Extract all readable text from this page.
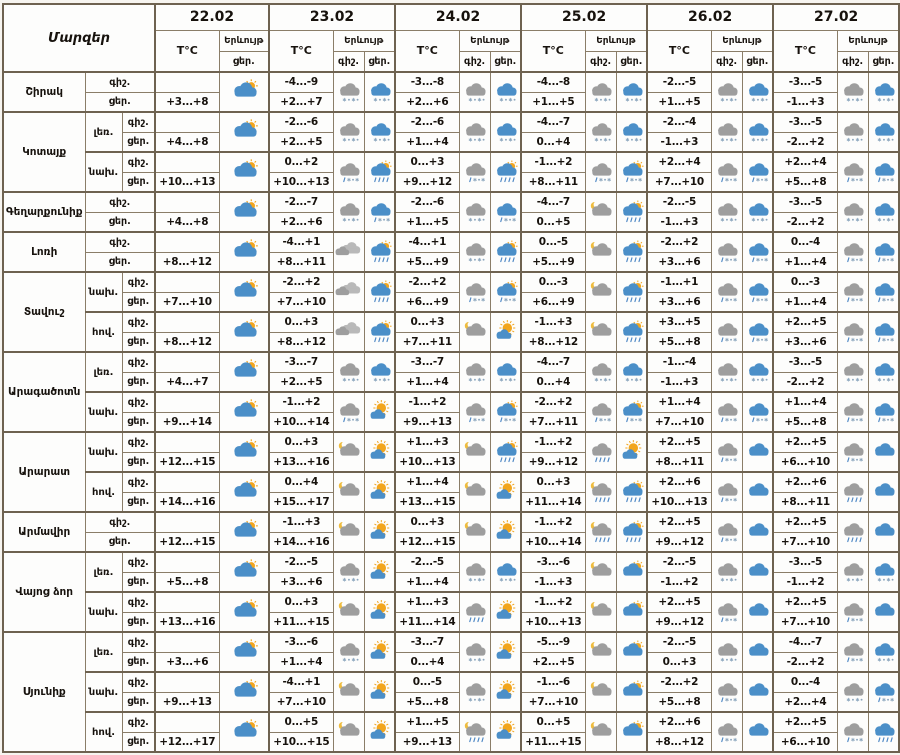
Մարզեր			22.02		23.02			24.02			25.02			26.02			27.02		
			T°C	Երևույթ	T°C	Երևույթ		T°C	Երևույթ		T°C	Երևույթ		T°C	Երևույթ		T°C	Երևույթ	
				ցեր.		գիշ.	ցեր.		գիշ.	ցեր.		գիշ.	ցեր.		գիշ.	ցեր.		գիշ.	ցեր.
Շիրակ	գիշ.				-4...-9			-3...-8			-4...-8			-2...-5			-3...-5	

	ցեր.		+3...+8		+2...+7			+2...+6			+1...+5			+1...+5			-1...+3		
Կոտայք	լեռ.	գիշ.			-2...-6			-2...-6			-4...-7			-2...-4			-3...-5	

		ցեր.	+4...+8		+2...+5			+1...+4			0...+4			-1...+3			-2...+2		
	նախ.	գիշ.			0...+2			0...+3			-1...+2			+2...+4			+2...+4	

		ցեր.	+10...+13		+10...+13			+9...+12			+8...+11			+7...+10			+5...+8		
Գեղարքունիք	գիշ.				-2...-7			-2...-6			-4...-7			-2...-5			-3...-5	

	ցեր.		+4...+8		+2...+6			+1...+5			0...+5			-1...+3			-2...+2		
Լոռի	գիշ.				-4...+1			-4...+1			0...-5			-2...+2			0...-4	

	ցեր.		+8...+12		+8...+11			+5...+9			+5...+9			+3...+6			+1...+4		
Տավուշ	նախ.	գիշ.			-2...+2			-2...+2			0...-3			-1...+1			0...-3	

		ցեր.	+7...+10		+7...+10			+6...+9			+6...+9			+3...+6			+1...+4		
	հով.	գիշ.			0...+3			0...+3			-1...+3			+3...+5			+2...+5	

		ցեր.	+8...+12		+8...+12			+7...+11			+8...+12			+5...+8			+3...+6		
Արագածոտն	լեռ.	գիշ.			-3...-7			-3...-7			-4...-7			-1...-4			-3...-5	

		ցեր.	+4...+7		+2...+5			+1...+4			0...+4			-1...+3			-2...+2		
	նախ.	գիշ.			-1...+2			-1...+2			-2...+2			+1...+4			+1...+4	

		ցեր.	+9...+14		+10...+14			+9...+13			+7...+11			+7...+10			+5...+8		
Արարատ	նախ.	գիշ.			0...+3			+1...+3			-1...+2			+2...+5			+2...+5	

		ցեր.	+12...+15		+13...+16			+10...+13			+9...+12			+8...+11			+6...+10		
	հով.	գիշ.			0...+4			+1...+4			0...+3			+2...+6			+2...+6	

		ցեր.	+14...+16		+15...+17			+13...+15			+11...+14			+10...+13			+8...+11		
Արմավիր	գիշ.				-1...+3			0...+3			-1...+2			+2...+5			+2...+5	

	ցեր.		+12...+15		+14...+16			+12...+15			+10...+14			+9...+12			+7...+10		
Վայոց ձոր	լեռ.	գիշ.			-2...-5			-2...-5			-3...-6			-2...-5			-3...-5	

		ցեր.	+5...+8		+3...+6			+1...+4			-1...+3			-1...+2			-1...+2		
	նախ.	գիշ.			0...+3			+1...+3			-1...+2			+2...+5			+2...+5	

		ցեր.	+13...+16		+11...+15			+11...+14			+10...+13			+9...+12			+7...+10		
Սյունիք	լեռ.	գիշ.			-3...-6			-3...-7			-5...-9			-2...-5			-4...-7	

		ցեր.	+3...+6		+1...+4			0...+4			+2...+5			0...+3			-2...+2		
	նախ.	գիշ.			-4...+1			0...-5			-1...-6			-2...+2			0...-4	

		ցեր.	+9...+13		+7...+10			+5...+8			+7...+10			+5...+8			+2...+4		
	հով.	գիշ.			0...+5			+1...+5			0...+5			+2...+6			+2...+5	

		ցեր.	+12...+17		+10...+15			+9...+13			+11...+15			+8...+12			+6...+10		
